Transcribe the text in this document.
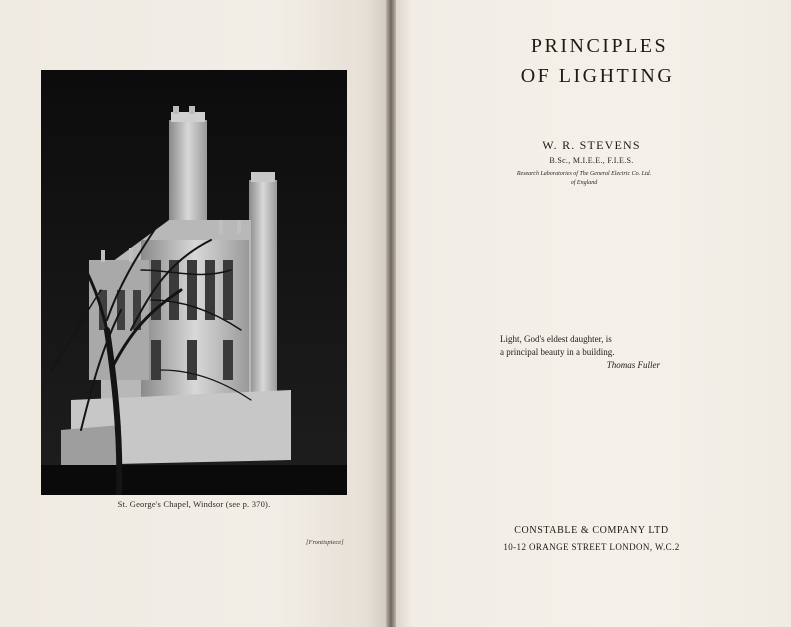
St. George's Chapel, Windsor (see p. 370).
[Frontispiece]
PRINCIPLES
OF LIGHTING
W. R. STEVENS
B.Sc., M.I.E.E., F.I.E.S.
Research Laboratories of The General Electric Co. Ltd.
of England
Light, God's eldest daughter, is
a principal beauty in a building.
Thomas Fuller
CONSTABLE & COMPANY LTD
10-12 ORANGE STREET LONDON, W.C.2
